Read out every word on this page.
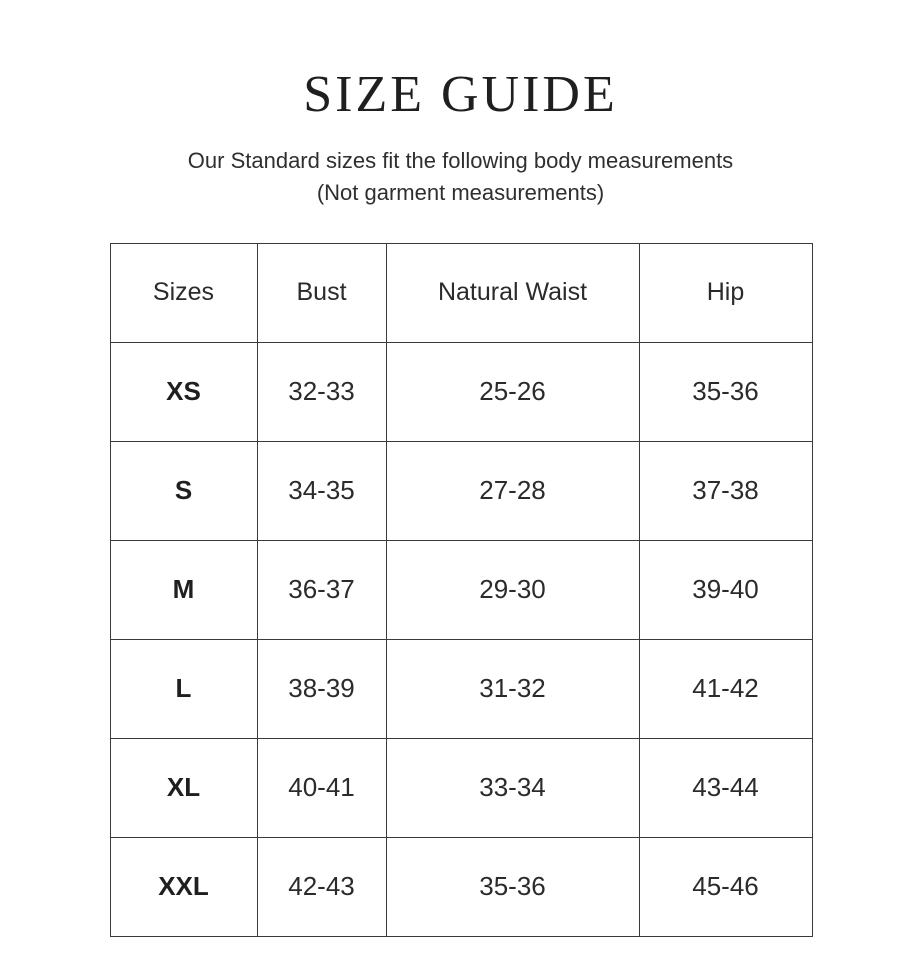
SIZE GUIDE

Our Standard sizes fit the following body measurements
(Not garment measurements)

Sizes	Bust	Natural Waist	Hip
XS	32-33	25-26	35-36
S	34-35	27-28	37-38
M	36-37	29-30	39-40
L	38-39	31-32	41-42
XL	40-41	33-34	43-44
XXL	42-43	35-36	45-46
